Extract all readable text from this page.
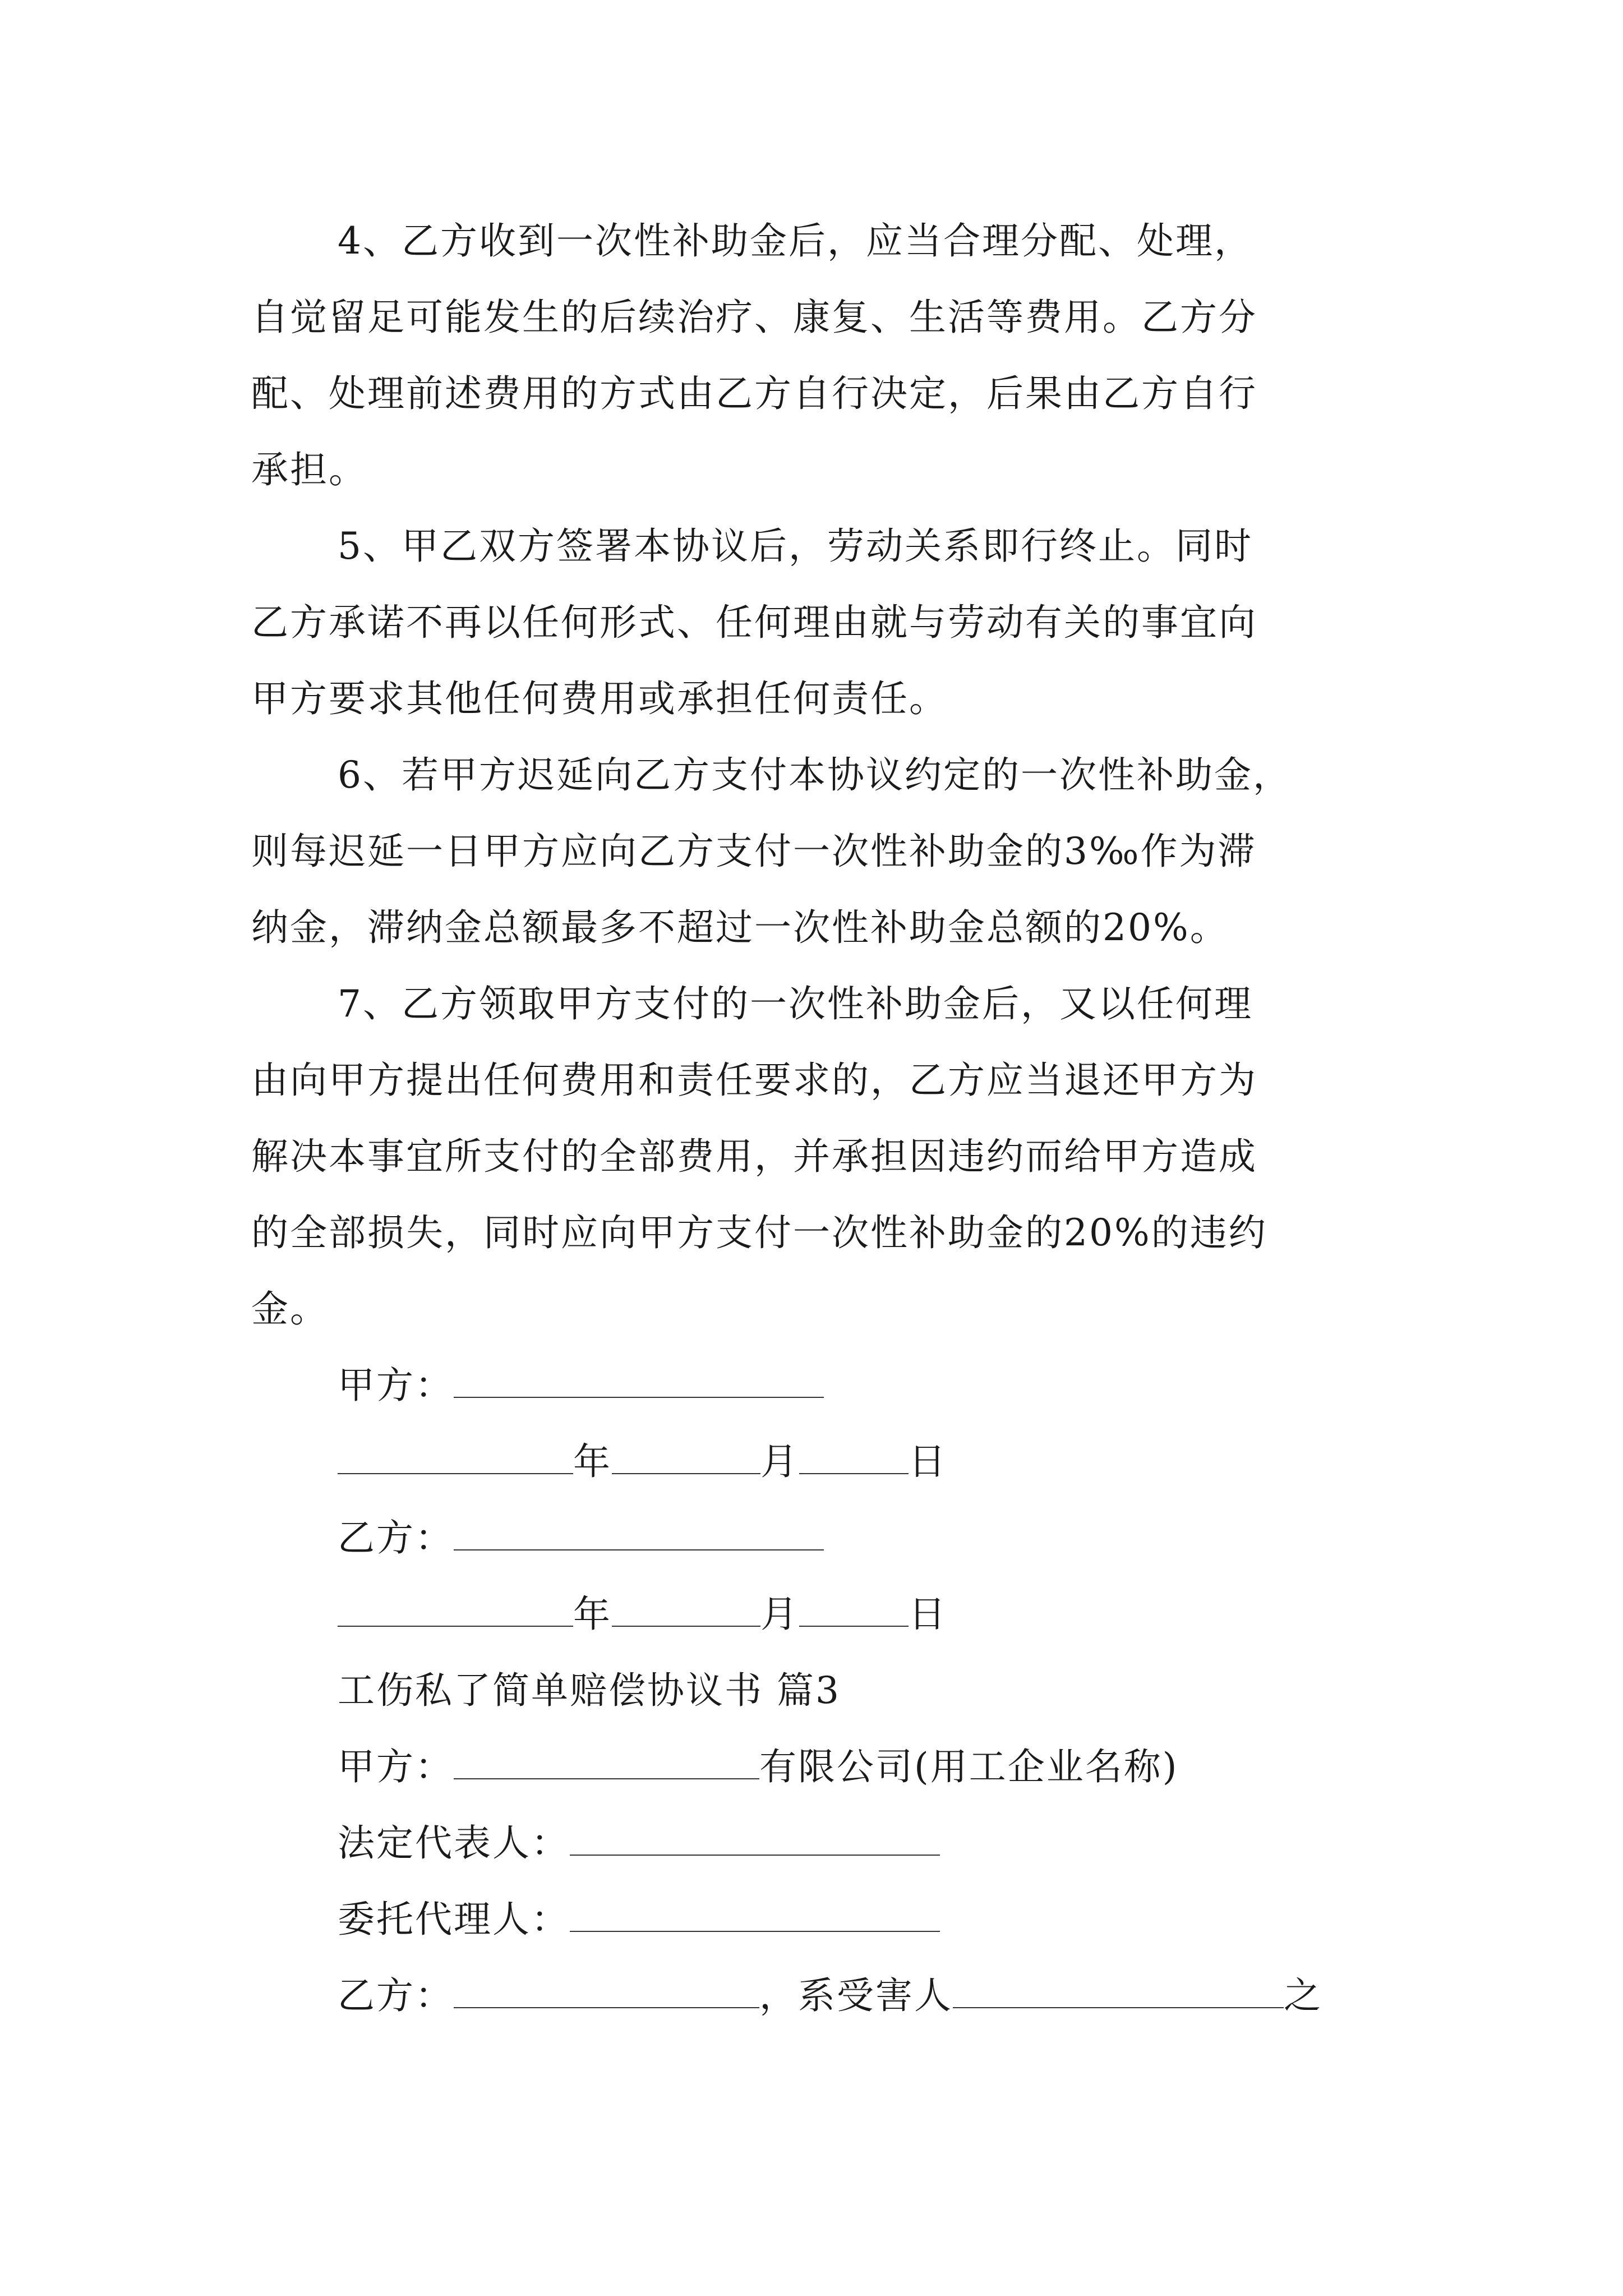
4、乙方收到一次性补助金后，应当合理分配、处理，
自觉留足可能发生的后续治疗、康复、生活等费用。乙方分
配、处理前述费用的方式由乙方自行决定，后果由乙方自行
承担。
5、甲乙双方签署本协议后，劳动关系即行终止。同时
乙方承诺不再以任何形式、任何理由就与劳动有关的事宜向
甲方要求其他任何费用或承担任何责任。
6、若甲方迟延向乙方支付本协议约定的一次性补助金，
则每迟延一日甲方应向乙方支付一次性补助金的3‰作为滞
纳金，滞纳金总额最多不超过一次性补助金总额的20%。
7、乙方领取甲方支付的一次性补助金后，又以任何理
由向甲方提出任何费用和责任要求的，乙方应当退还甲方为
解决本事宜所支付的全部费用，并承担因违约而给甲方造成
的全部损失，同时应向甲方支付一次性补助金的20%的违约
金。
甲方：
年	月	日
乙方：
年	月	日
工伤私了简单赔偿协议书 篇3
甲方：	有限公司(用工企业名称)
法定代表人：
委托代理人：
乙方：	，系受害人	之
